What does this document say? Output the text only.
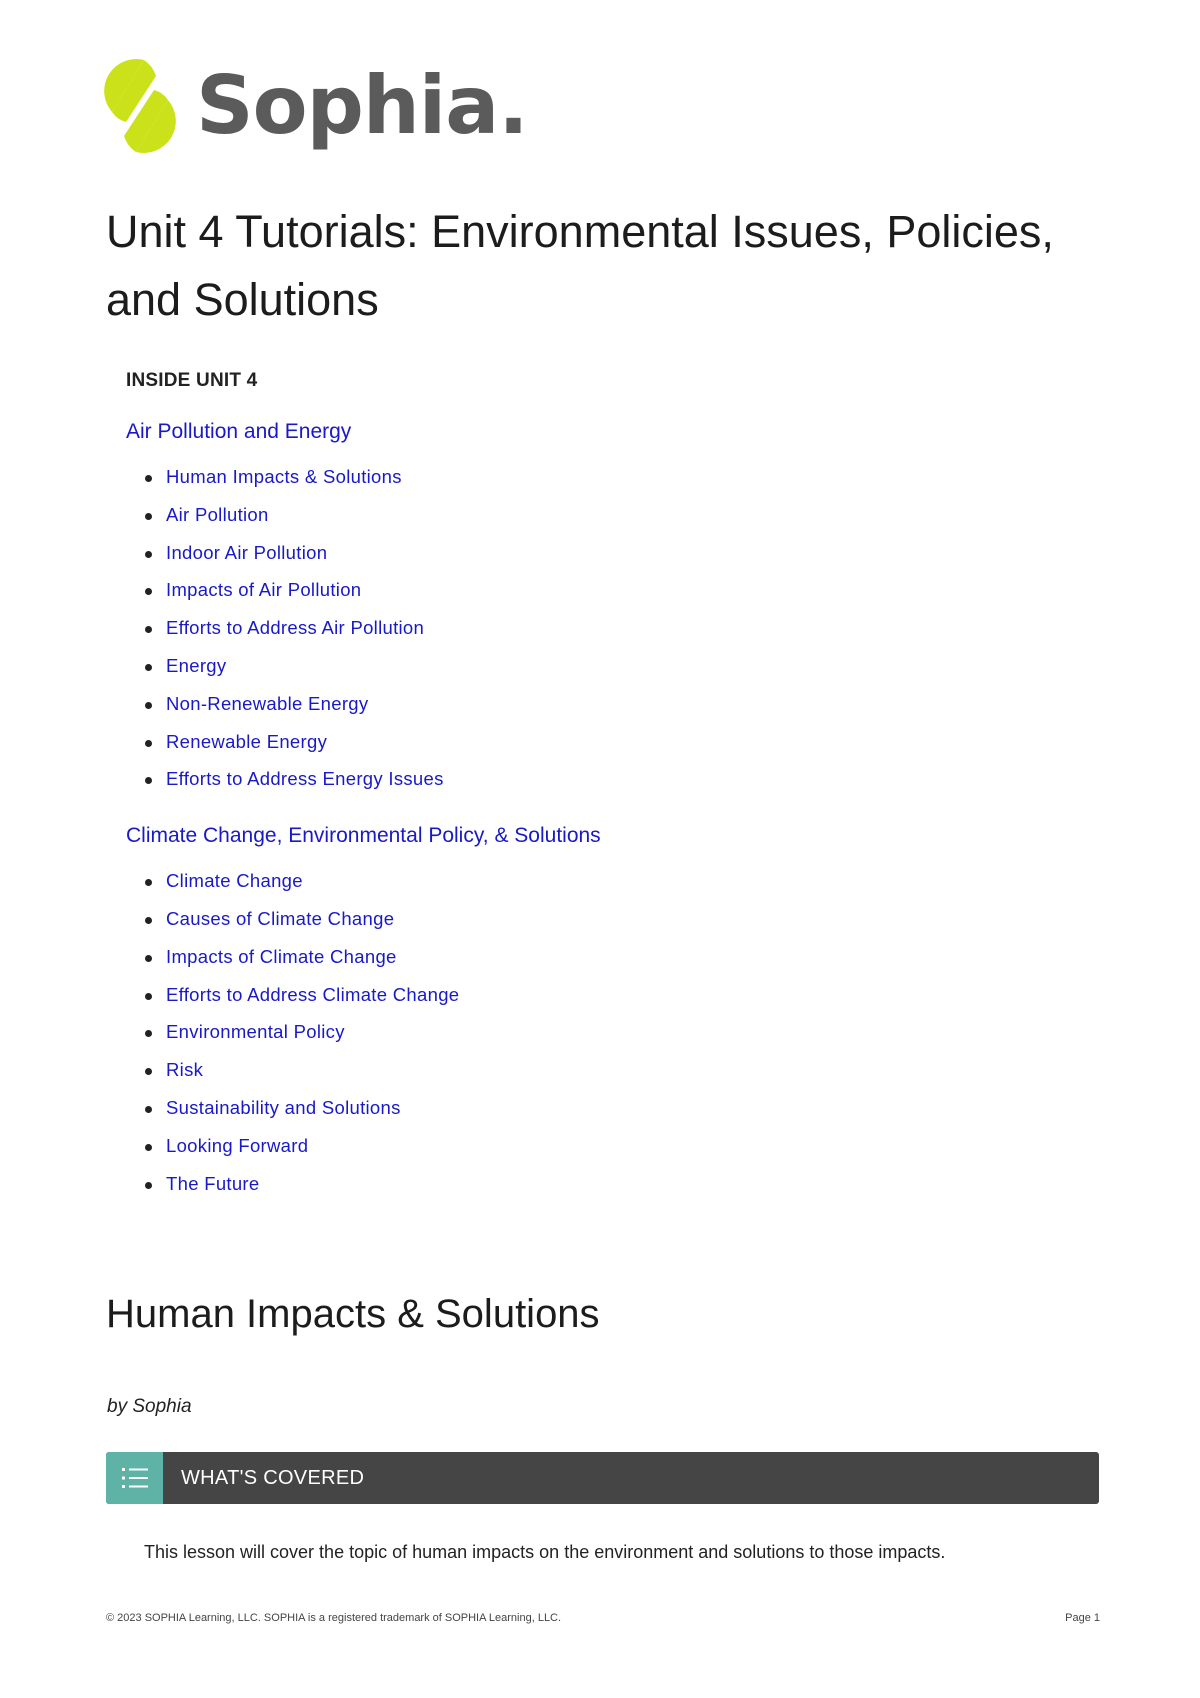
Sophia.
Unit 4 Tutorials: Environmental Issues, Policies, and Solutions
INSIDE UNIT 4
Air Pollution and Energy
Human Impacts & Solutions
Air Pollution
Indoor Air Pollution
Impacts of Air Pollution
Efforts to Address Air Pollution
Energy
Non-Renewable Energy
Renewable Energy
Efforts to Address Energy Issues
Climate Change, Environmental Policy, & Solutions
Climate Change
Causes of Climate Change
Impacts of Climate Change
Efforts to Address Climate Change
Environmental Policy
Risk
Sustainability and Solutions
Looking Forward
The Future
Human Impacts & Solutions
by Sophia
WHAT'S COVERED

This lesson will cover the topic of human impacts on the environment and solutions to those impacts.

© 2023 SOPHIA Learning, LLC. SOPHIA is a registered trademark of SOPHIA Learning, LLC.	Page 1
